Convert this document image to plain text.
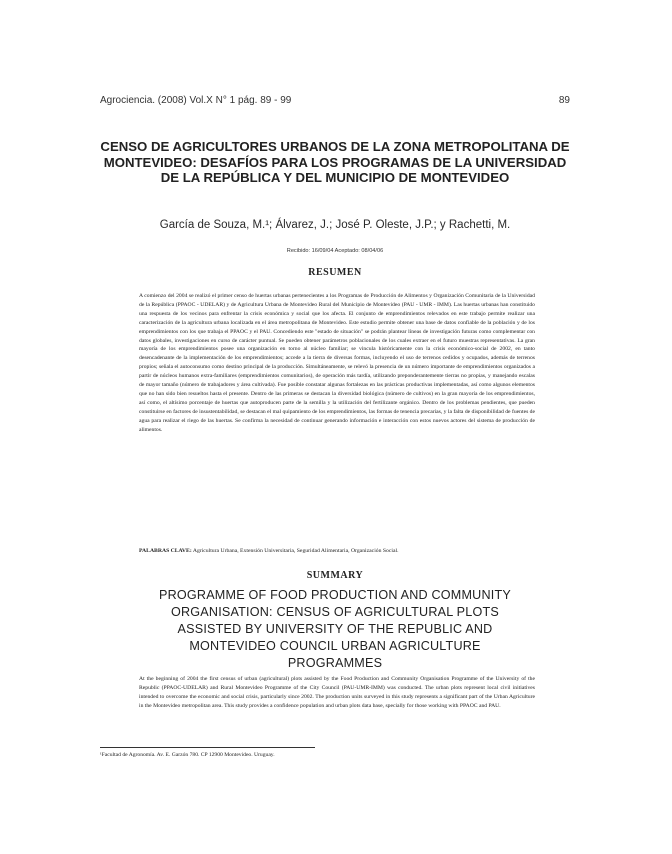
Agrociencia. (2008) Vol.X N° 1 pág. 89 - 99	89
CENSO DE AGRICULTORES URBANOS DE LA ZONA METROPOLITANA DE MONTEVIDEO: DESAFÍOS PARA LOS PROGRAMAS DE LA UNIVERSIDAD DE LA REPÚBLICA Y DEL MUNICIPIO DE MONTEVIDEO
García de Souza, M.¹; Álvarez, J.; José P. Oleste, J.P.; y Rachetti, M.
Recibido: 16/09/04 Aceptado: 08/04/06
RESUMEN
A comienzo del 2004 se realizó el primer censo de huertas urbanas pertenecientes a los Programas de Producción de Alimentos y Organización Comunitaria de la Universidad de la República (PPAOC - UDELAR) y de Agricultura Urbana de Montevideo Rural del Municipio de Montevideo (PAU - UMR - IMM). Las huertas urbanas han constituido una respuesta de los vecinos para enfrentar la crisis económica y social que los afecta. El conjunto de emprendimientos relevados en este trabajo permite realizar una caracterización de la agricultura urbana localizada en el área metropolitana de Montevideo. Este estudio permite obtener una base de datos confiable de la población y de los emprendimientos con los que trabaja el PPAOC y el PAU. Concediendo este "estado de situación" se podrán plantear líneas de investigación futuras como complementar con datos globales, investigaciones en curso de carácter puntual. Se pueden obtener parámetros poblacionales de los cuales extraer en el futuro muestras representativas. La gran mayoría de los emprendimientos posee una organización en torno al núcleo familiar; se vincula históricamente con la crisis económico-social de 2002, en tanto desencadenante de la implementación de los emprendimientos; accede a la tierra de diversas formas, incluyendo el uso de terrenos cedidos y ocupados, además de terrenos propios; señala el autoconsumo como destino principal de la producción. Simultáneamente, se relevó la presencia de un número importante de emprendimientos organizados a partir de núcleos humanos extra-familiares (emprendimientos comunitarios), de operación más tardía, utilizando preponderantemente tierras no propias, y manejando escalas de mayor tamaño (número de trabajadores y área cultivada). Fue posible constatar algunas fortalezas en las prácticas productivas implementadas, así como algunos elementos que no han sido bien resueltos hasta el presente. Dentro de las primeras se destacan la diversidad biológica (número de cultivos) en la gran mayoría de los emprendimientos, así como, el altísimo porcentaje de huertas que autoproducen parte de la semilla y la utilización del fertilizante orgánico. Dentro de los problemas pendientes, que pueden constituirse en factores de insustentabilidad, se destacan el mal quipamiento de los emprendimientos, las formas de tenencia precarias, y la falta de disponibilidad de fuentes de agua para realizar el riego de las huertas. Se confirma la necesidad de continuar generando información e interacción con estos nuevos actores del sistema de producción de alimentos.
PALABRAS CLAVE: Agricultura Urbana, Extensión Universitaria, Seguridad Alimentaria, Organización Social.
SUMMARY
PROGRAMME OF FOOD PRODUCTION AND COMMUNITY
ORGANISATION: CENSUS OF AGRICULTURAL PLOTS
ASSISTED BY UNIVERSITY OF THE REPUBLIC AND
MONTEVIDEO COUNCIL URBAN AGRICULTURE
PROGRAMMES
At the beginning of 2004 the first census of urban (agricultural) plots assisted by the Food Production and Community Organisation Programme of the University of the Republic (PPAOC-UDELAR) and Rural Montevideo Programme of the City Council (PAU-UMR-IMM) was conducted. The urban plots represent local civil initiatives intended to overcome the economic and social crisis, particularly since 2002. The production units surveyed in this study represents a significant part of the Urban Agriculture in the Montevideo metropolitan area. This study provides a confidence population and urban plots data base, specially for those working with PPAOC and PAU.
¹Facultad de Agronomía. Av. E. Garzón 780. CP 12900 Montevideo. Uruguay.
